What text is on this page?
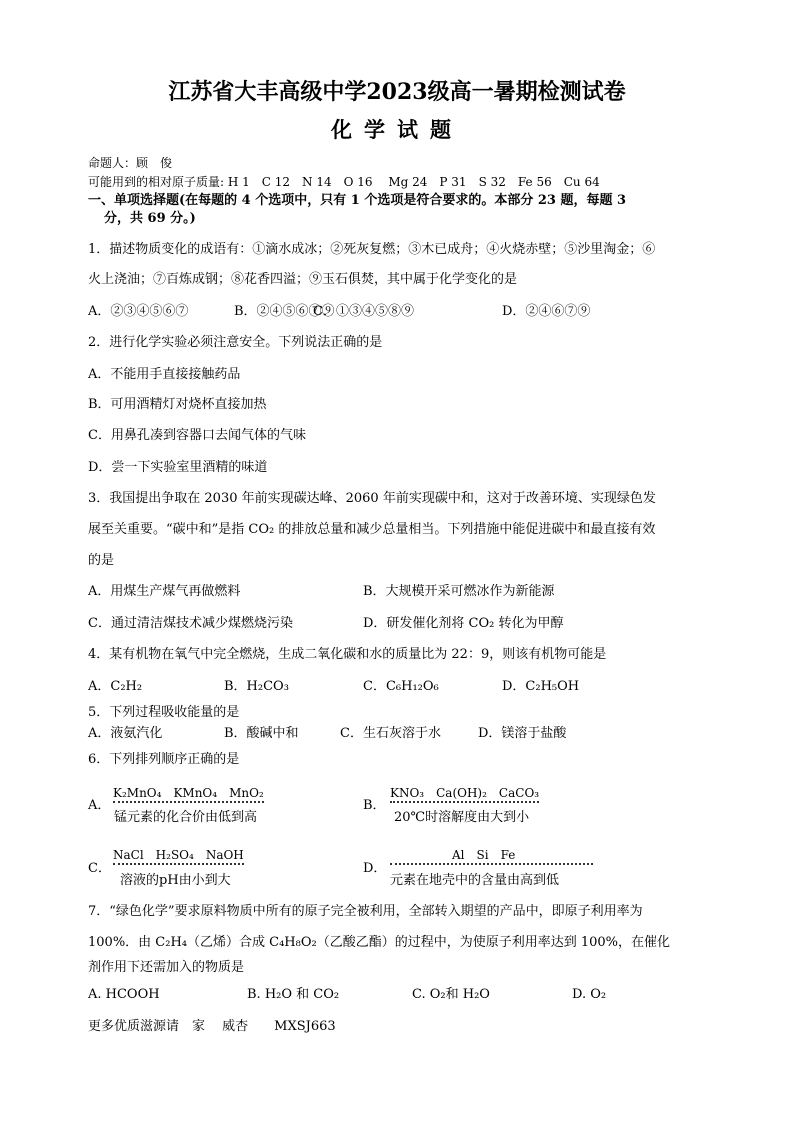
江苏省大丰高级中学2023级高一暑期检测试卷
化学试题
命题人：顾　俊
可能用到的相对原子质量: H 1　C 12　N 14　O 16　 Mg 24　P 31　S 32　Fe 56　Cu 64
一、单项选择题(在每题的 4 个选项中，只有 1 个选项是符合要求的。本部分 23 题，每题 3
分，共 69 分。)
1．描述物质变化的成语有：①滴水成冰；②死灰复燃；③木已成舟；④火烧赤壁；⑤沙里淘金；⑥
火上浇油；⑦百炼成钢；⑧花香四溢；⑨玉石俱焚，其中属于化学变化的是
A．②③④⑤⑥⑦	B．②④⑤⑥⑦⑨
C．①③④⑤⑧⑨	D．②④⑥⑦⑨
2．进行化学实验必须注意安全。下列说法正确的是
A．不能用手直接接触药品
B．可用酒精灯对烧杯直接加热
C．用鼻孔凑到容器口去闻气体的气味
D．尝一下实验室里酒精的味道
3．我国提出争取在 2030 年前实现碳达峰、2060 年前实现碳中和，这对于改善环境、实现绿色发
展至关重要。“碳中和”是指 CO₂ 的排放总量和减少总量相当。下列措施中能促进碳中和最直接有效
的是
A．用煤生产煤气再做燃料	B．大规模开采可燃冰作为新能源
C．通过清洁煤技术减少煤燃烧污染	D．研发催化剂将 CO₂ 转化为甲醇
4．某有机物在氧气中完全燃烧，生成二氧化碳和水的质量比为 22：9，则该有机物可能是
A．C₂H₂	B．H₂CO₃	C．C₆H₁₂O₆	D．C₂H₅OH
5．下列过程吸收能量的是
A．液氨汽化	B．酸碱中和	C．生石灰溶于水	D．镁溶于盐酸
6．下列排列顺序正确的是
A．
K₂MnO₄　KMnO₄　MnO₂
锰元素的化合价由低到高
B．
KNO₃　Ca(OH)₂　CaCO₃
20℃时溶解度由大到小
C．
NaCl　H₂SO₄　NaOH
溶液的pH由小到大
D．
Al　Si　Fe
元素在地壳中的含量由高到低
7．“绿色化学”要求原料物质中所有的原子完全被利用，全部转入期望的产品中，即原子利用率为
100%．由 C₂H₄（乙烯）合成 C₄H₈O₂（乙酸乙酯）的过程中，为使原子利用率达到 100%，在催化
剂作用下还需加入的物质是
A. HCOOH	B. H₂O 和 CO₂	C. O₂和 H₂O	D. O₂
更多优质滋源请　家　 威杏　　MXSJ663
